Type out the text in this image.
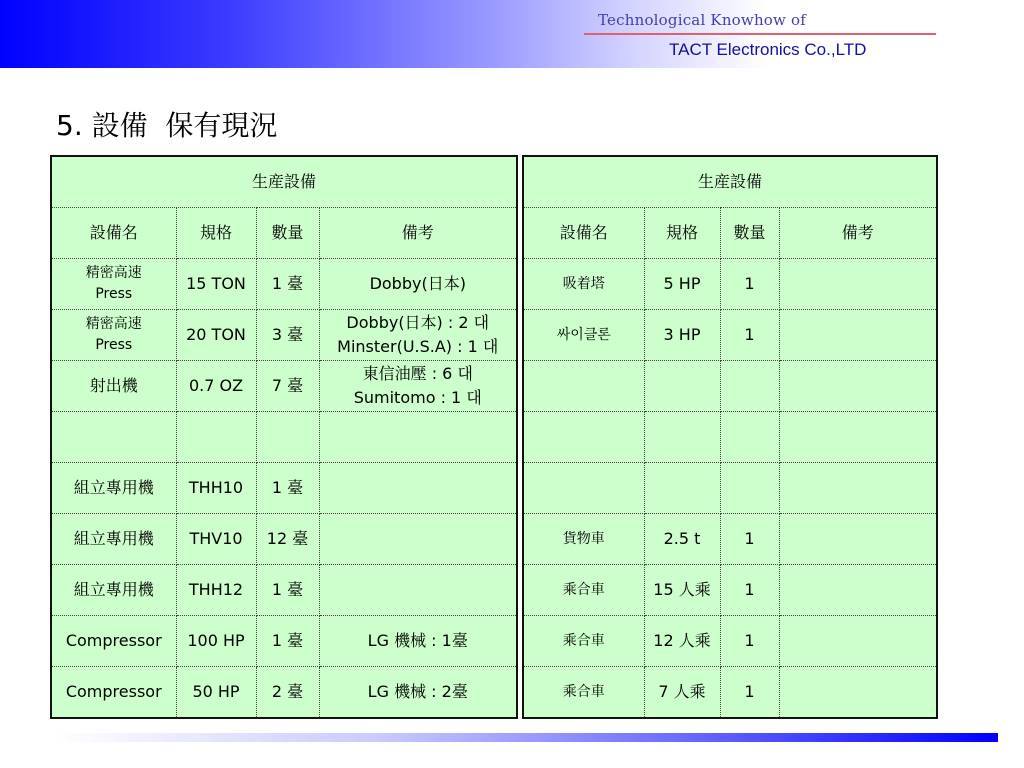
Technological Knowhow of
TACT Electronics Co.,LTD
5. 設備  保有現況
生産設備			
設備名	規格	數量	備考

精密高速
Press	15 TON	1 臺	Dobby(日本)

精密高速
Press	20 TON	3 臺	Dobby(日本) : 2 대
Minster(U.S.A) : 1 대

射出機	0.7 OZ	7 臺	東信油壓 : 6 대
Sumitomo : 1 대

組立專用機	THH10	1 臺	

組立專用機	THV10	12 臺	

組立專用機	THH12	1 臺	

Compressor	100 HP	1 臺	LG 機械 : 1臺

Compressor	50 HP	2 臺	LG 機械 : 2臺
生産設備			
設備名	規格	數量	備考
吸着塔	5 HP	1	
싸이클론	3 HP	1	

貨物車	2.5 t	1	
乘合車	15 人乘	1	
乘合車	12 人乘	1	
乘合車	7 人乘	1	
